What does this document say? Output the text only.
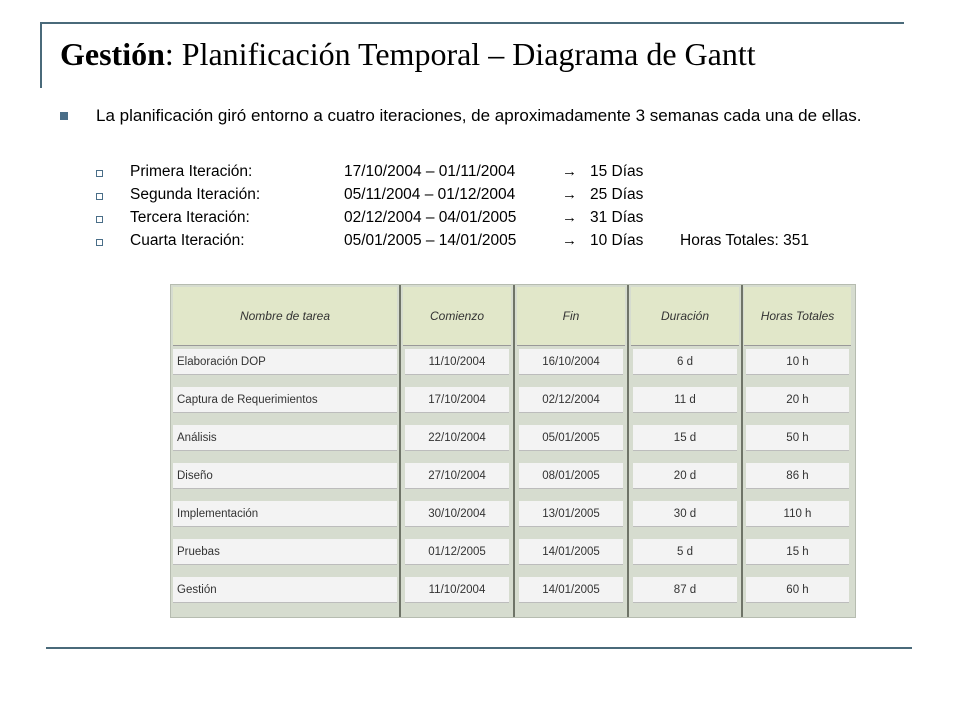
Gestión: Planificación Temporal – Diagrama de Gantt
La planificación giró entorno a cuatro iteraciones, de aproximadamente 3 semanas cada una de ellas.
Primera Iteración:	17/10/2004 – 01/11/2004	→ 15 Días
Segunda Iteración:	05/11/2004 – 01/12/2004	→ 25 Días
Tercera Iteración:	02/12/2004 – 04/01/2005	→ 31 Días
Cuarta Iteración:	05/01/2005 – 14/01/2005	→ 10 Días Horas Totales: 351
Nombre de tarea	Comienzo	Fin	Duración	Horas Totales
Elaboración DOP	11/10/2004	16/10/2004	6 d	10 h
Captura de Requerimientos	17/10/2004	02/12/2004	11 d	20 h
Análisis	22/10/2004	05/01/2005	15 d	50 h
Diseño	27/10/2004	08/01/2005	20 d	86 h
Implementación	30/10/2004	13/01/2005	30 d	110 h
Pruebas	01/12/2005	14/01/2005	5 d	15 h
Gestión	11/10/2004	14/01/2005	87 d	60 h
